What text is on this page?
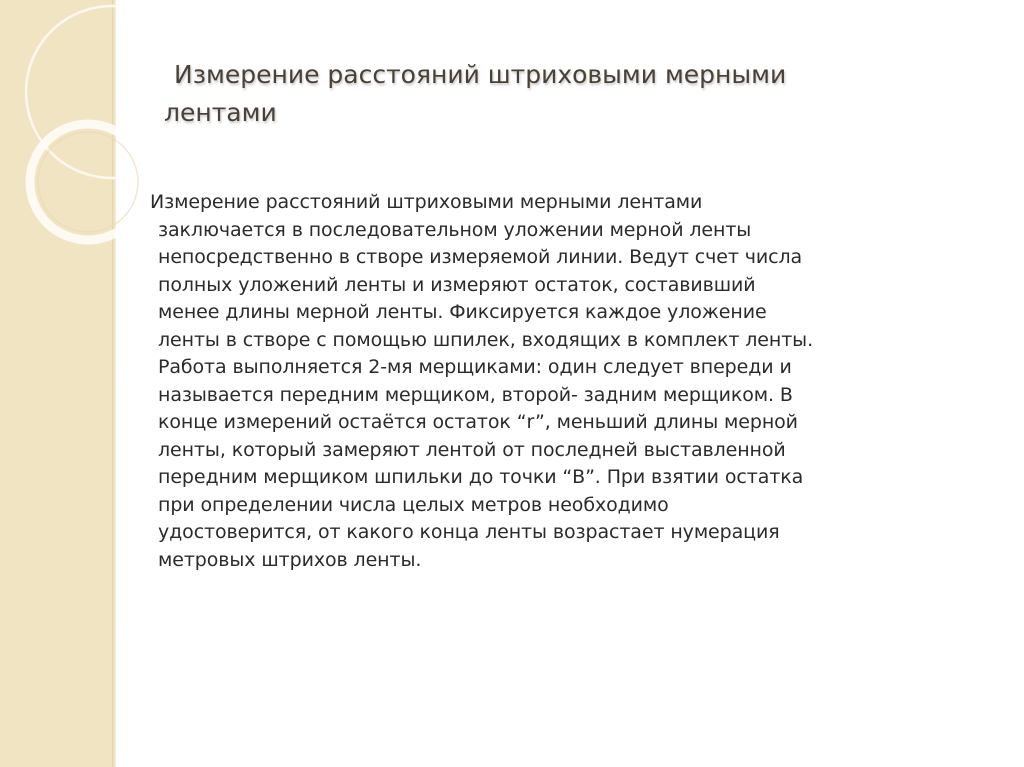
Измерение расстояний штриховыми мерными
лентами
Измерение расстояний штриховыми мерными лентами
заключается в последовательном уложении мерной ленты
непосредственно в створе измеряемой линии. Ведут счет числа
полных уложений ленты и измеряют остаток, составивший
менее длины мерной ленты. Фиксируется каждое уложение
ленты в створе с помощью шпилек, входящих в комплект ленты.
Работа выполняется 2-мя мерщиками: один следует впереди и
называется передним мерщиком, второй- задним мерщиком. В
конце измерений остаётся остаток “r”, меньший длины мерной
ленты, который замеряют лентой от последней выставленной
передним мерщиком шпильки до точки “В”. При взятии остатка
при определении числа целых метров необходимо
удостоверится, от какого конца ленты возрастает нумерация
метровых штрихов ленты.
